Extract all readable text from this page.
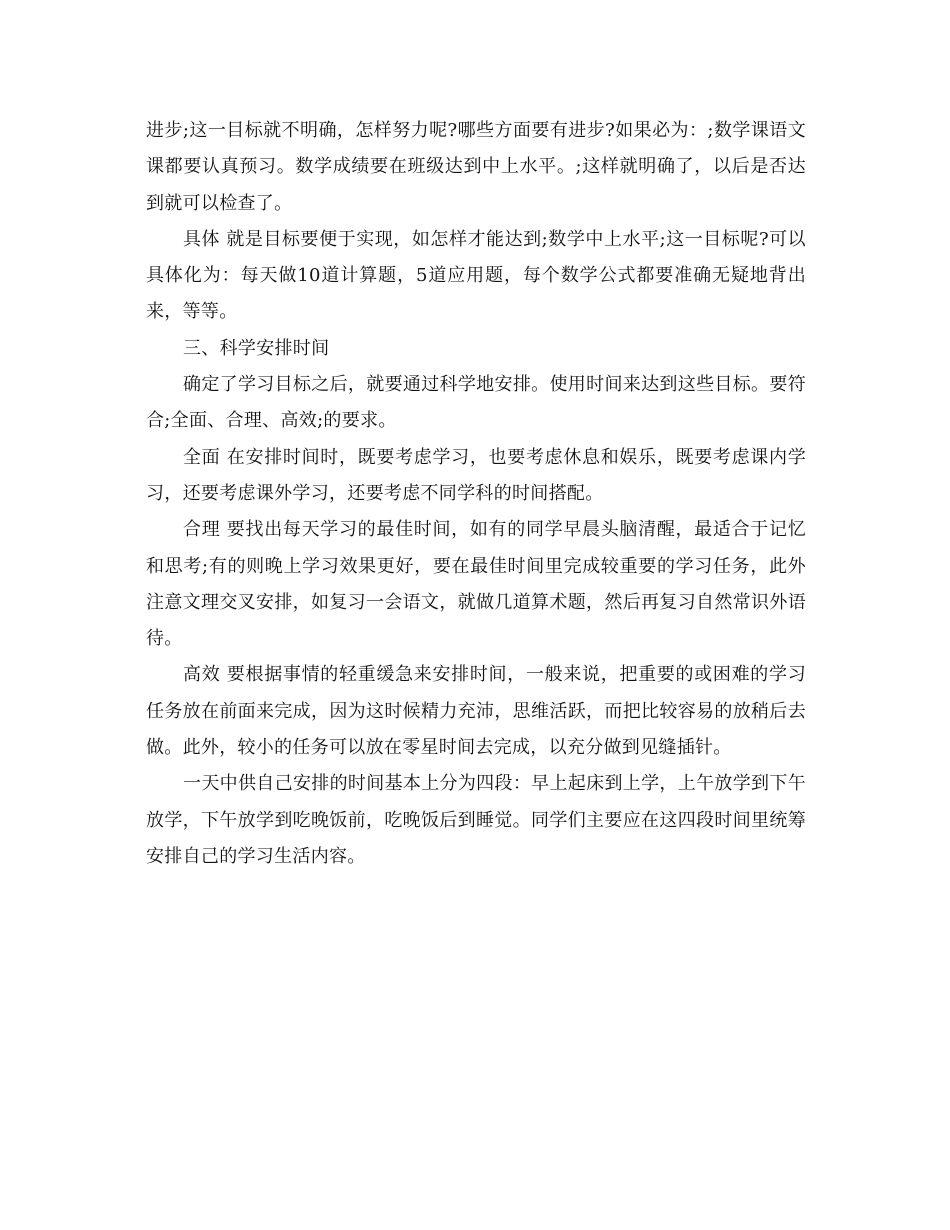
进步;这一目标就不明确，怎样努力呢?哪些方面要有进步?如果必为：;数学课语文课都要认真预习。数学成绩要在班级达到中上水平。;这样就明确了，以后是否达到就可以检查了。

具体 就是目标要便于实现，如怎样才能达到;数学中上水平;这一目标呢?可以具体化为：每天做10道计算题，5道应用题，每个数学公式都要准确无疑地背出来，等等。

三、科学安排时间

确定了学习目标之后，就要通过科学地安排。使用时间来达到这些目标。要符合;全面、合理、高效;的要求。

全面 在安排时间时，既要考虑学习，也要考虑休息和娱乐，既要考虑课内学习，还要考虑课外学习，还要考虑不同学科的时间搭配。

合理 要找出每天学习的最佳时间，如有的同学早晨头脑清醒，最适合于记忆和思考;有的则晚上学习效果更好，要在最佳时间里完成较重要的学习任务，此外注意文理交叉安排，如复习一会语文，就做几道算术题，然后再复习自然常识外语待。

高效 要根据事情的轻重缓急来安排时间，一般来说，把重要的或困难的学习任务放在前面来完成，因为这时候精力充沛，思维活跃，而把比较容易的放稍后去做。此外，较小的任务可以放在零星时间去完成，以充分做到见缝插针。

一天中供自己安排的时间基本上分为四段：早上起床到上学，上午放学到下午放学，下午放学到吃晚饭前，吃晚饭后到睡觉。同学们主要应在这四段时间里统筹安排自己的学习生活内容。
